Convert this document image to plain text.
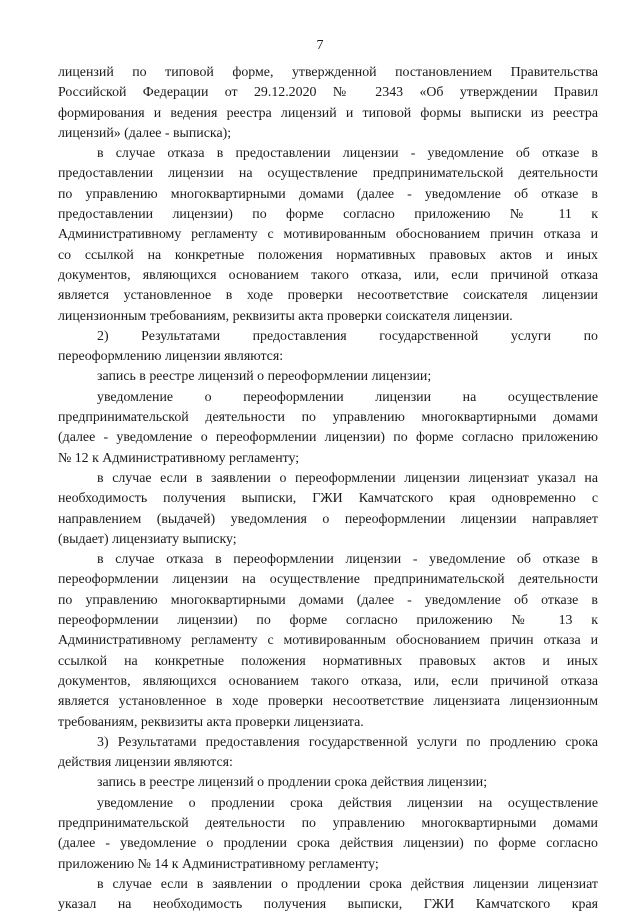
7

лицензий по типовой форме, утвержденной постановлением Правительства

Российской Федерации от 29.12.2020 № 2343 «Об утверждении Правил

формирования и ведения реестра лицензий и типовой формы выписки из реестра

лицензий» (далее - выписка);

в случае отказа в предоставлении лицензии - уведомление об отказе в

предоставлении лицензии на осуществление предпринимательской деятельности

по управлению многоквартирными домами (далее - уведомление об отказе в

предоставлении лицензии) по форме согласно приложению № 11 к

Административному регламенту с мотивированным обоснованием причин отказа и

со ссылкой на конкретные положения нормативных правовых актов и иных

документов, являющихся основанием такого отказа, или, если причиной отказа

является установленное в ходе проверки несоответствие соискателя лицензии

лицензионным требованиям, реквизиты акта проверки соискателя лицензии.

2) Результатами предоставления государственной услуги по

переоформлению лицензии являются:

запись в реестре лицензий о переоформлении лицензии;

уведомление о переоформлении лицензии на осуществление

предпринимательской деятельности по управлению многоквартирными домами

(далее - уведомление о переоформлении лицензии) по форме согласно приложению

№ 12 к Административному регламенту;

в случае если в заявлении о переоформлении лицензии лицензиат указал на

необходимость получения выписки, ГЖИ Камчатского края одновременно с

направлением (выдачей) уведомления о переоформлении лицензии направляет

(выдает) лицензиату выписку;

в случае отказа в переоформлении лицензии - уведомление об отказе в

переоформлении лицензии на осуществление предпринимательской деятельности

по управлению многоквартирными домами (далее - уведомление об отказе в

переоформлении лицензии) по форме согласно приложению № 13 к

Административному регламенту с мотивированным обоснованием причин отказа и

ссылкой на конкретные положения нормативных правовых актов и иных

документов, являющихся основанием такого отказа, или, если причиной отказа

является установленное в ходе проверки несоответствие лицензиата лицензионным

требованиям, реквизиты акта проверки лицензиата.

3) Результатами предоставления государственной услуги по продлению срока

действия лицензии являются:

запись в реестре лицензий о продлении срока действия лицензии;

уведомление о продлении срока действия лицензии на осуществление

предпринимательской деятельности по управлению многоквартирными домами

(далее - уведомление о продлении срока действия лицензии) по форме согласно

приложению № 14 к Административному регламенту;

в случае если в заявлении о продлении срока действия лицензии лицензиат

указал на необходимость получения выписки, ГЖИ Камчатского края
